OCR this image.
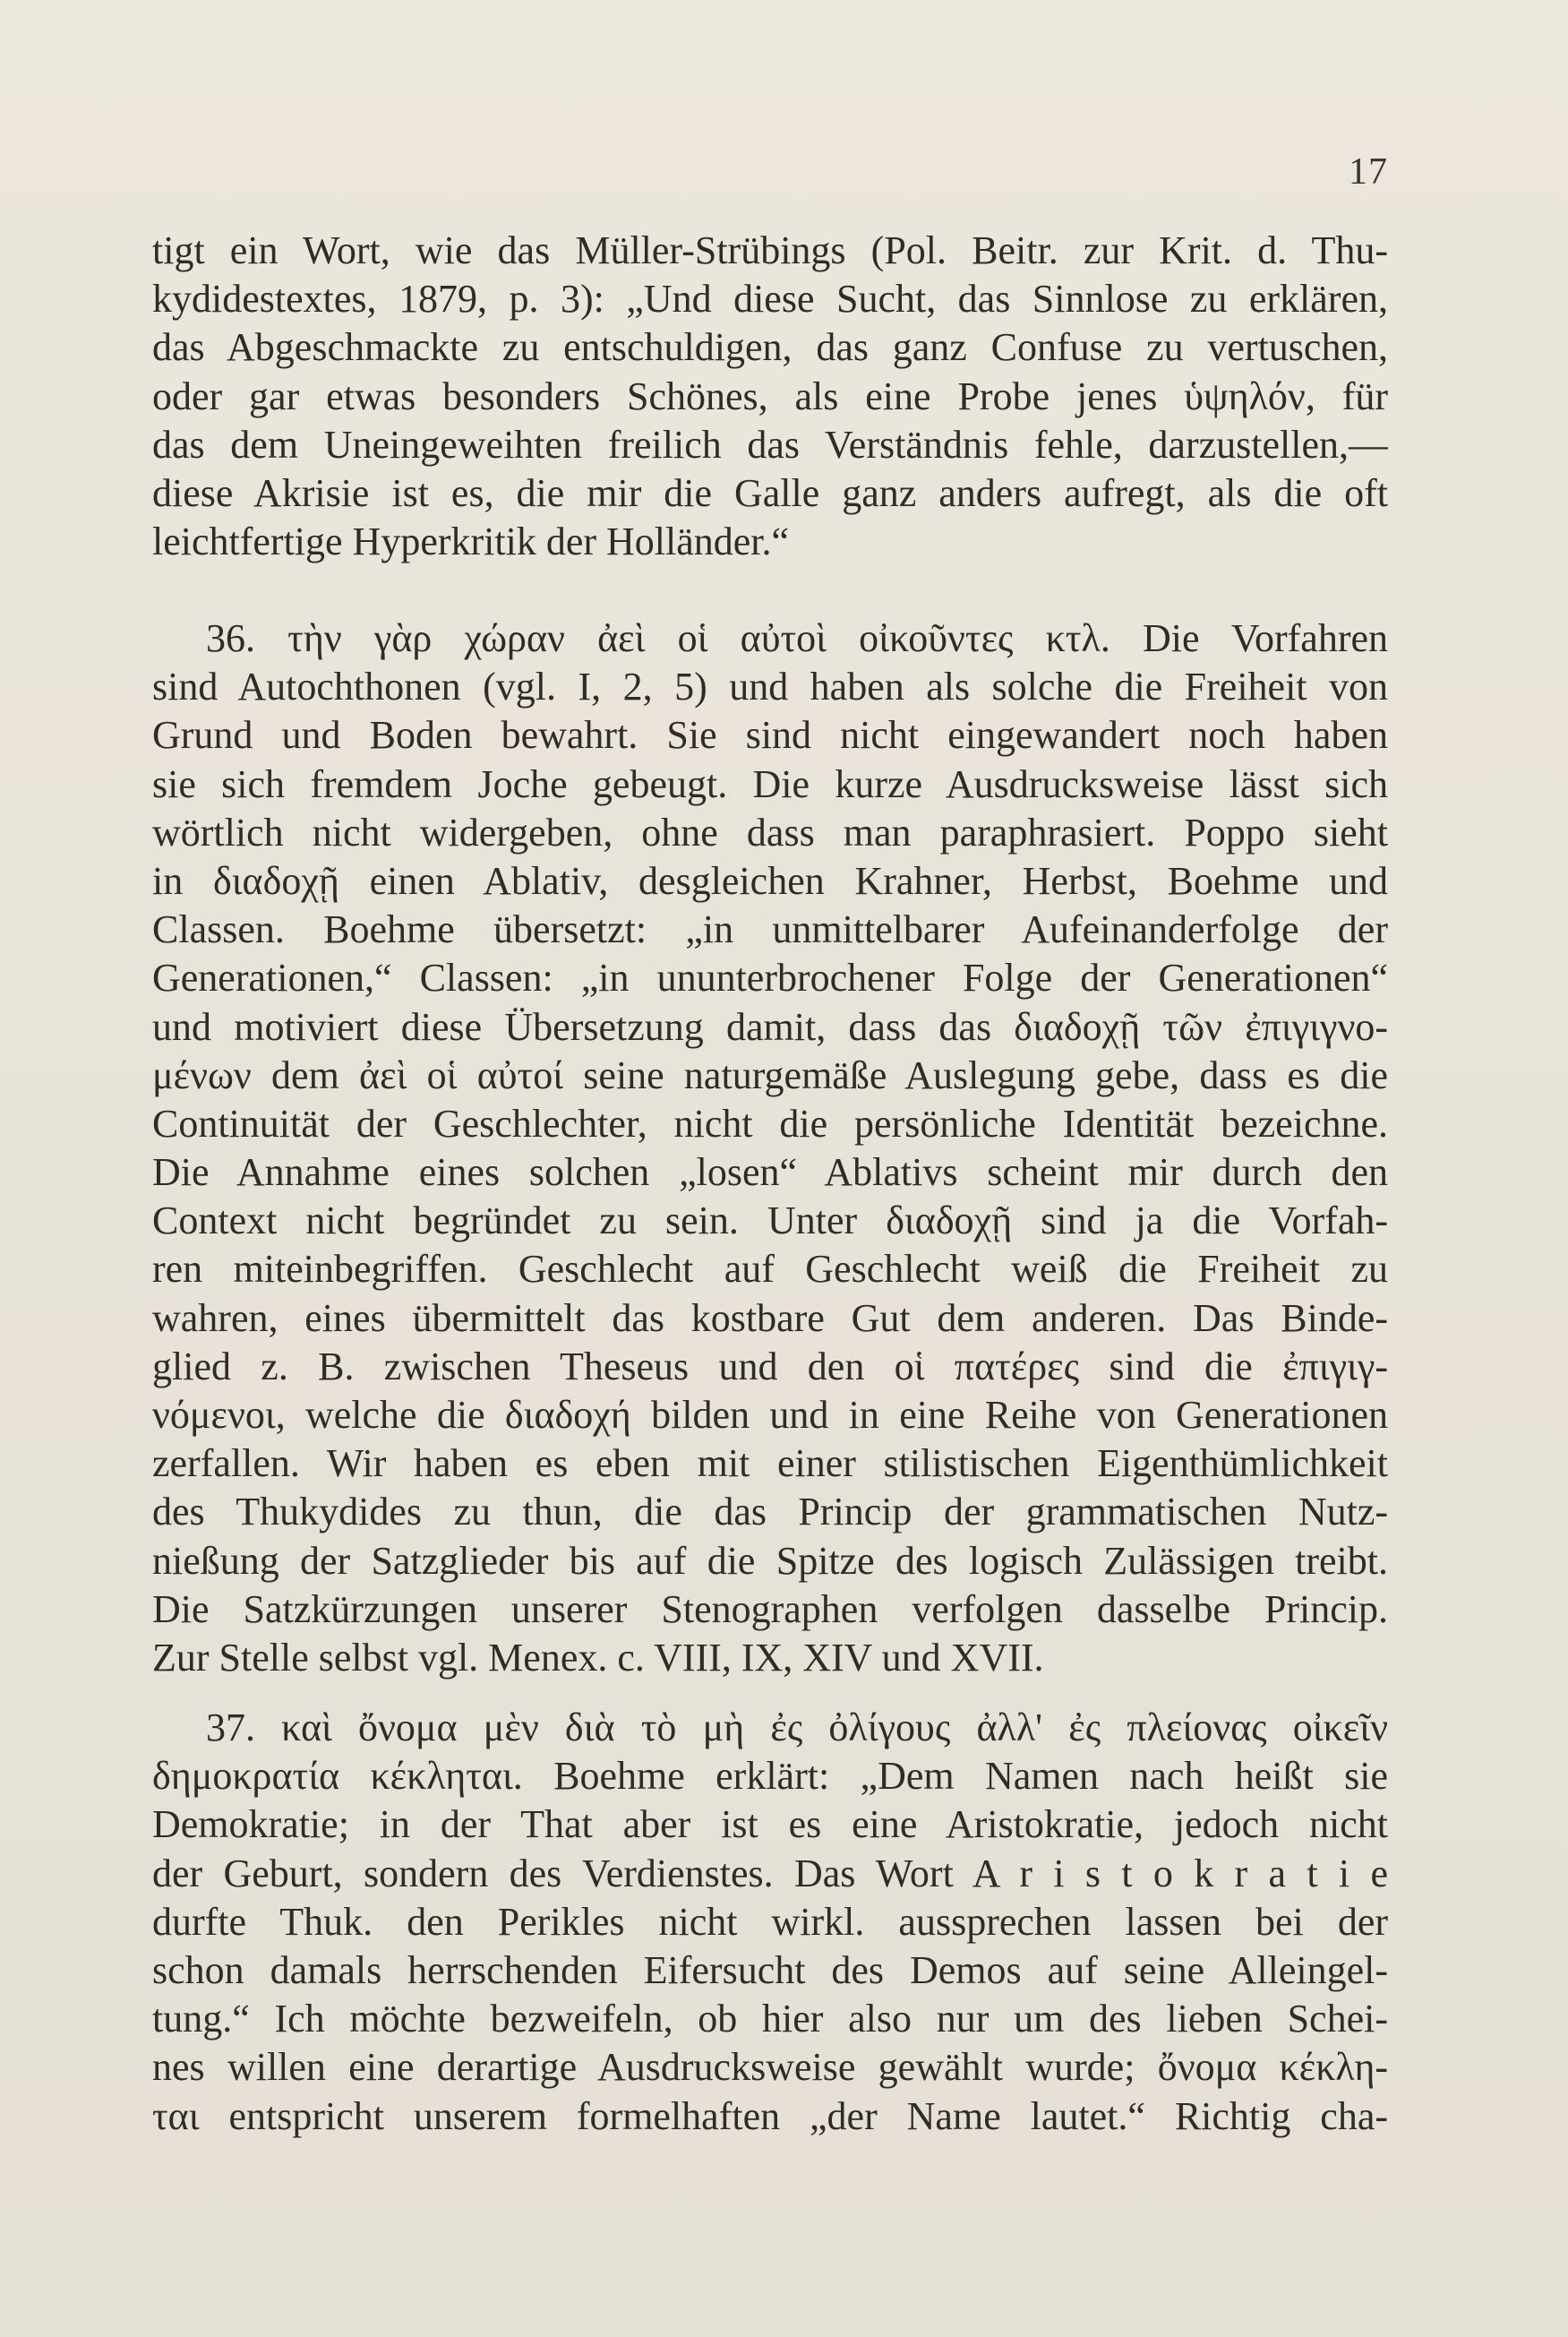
17
tigt ein Wort, wie das Müller-Strübings (Pol. Beitr. zur Krit. d. Thu-
kydidestextes, 1879, p. 3): „Und diese Sucht, das Sinnlose zu erklären,
das Abgeschmackte zu entschuldigen, das ganz Confuse zu vertuschen,
oder gar etwas besonders Schönes, als eine Probe jenes ὑψηλόν, für
das dem Uneingeweihten freilich das Verständnis fehle, darzustellen,—
diese Akrisie ist es, die mir die Galle ganz anders aufregt, als die oft
leichtfertige Hyperkritik der Holländer.“
36. τὴν γὰρ χώραν ἀεὶ οἱ αὐτοὶ οἰκοῦντες κτλ. Die Vorfahren
sind Autochthonen (vgl. I, 2, 5) und haben als solche die Freiheit von
Grund und Boden bewahrt. Sie sind nicht eingewandert noch haben
sie sich fremdem Joche gebeugt. Die kurze Ausdrucksweise lässt sich
wörtlich nicht widergeben, ohne dass man paraphrasiert. Poppo sieht
in διαδοχῇ einen Ablativ, desgleichen Krahner, Herbst, Boehme und
Classen. Boehme übersetzt: „in unmittelbarer Aufeinanderfolge der
Generationen,“ Classen: „in ununterbrochener Folge der Generationen“
und motiviert diese Übersetzung damit, dass das διαδοχῇ τῶν ἐπιγιγνο-
μένων dem ἀεὶ οἱ αὐτοί seine naturgemäße Auslegung gebe, dass es die
Continuität der Geschlechter, nicht die persönliche Identität bezeichne.
Die Annahme eines solchen „losen“ Ablativs scheint mir durch den
Context nicht begründet zu sein. Unter διαδοχῇ sind ja die Vorfah-
ren miteinbegriffen. Geschlecht auf Geschlecht weiß die Freiheit zu
wahren, eines übermittelt das kostbare Gut dem anderen. Das Binde-
glied z. B. zwischen Theseus und den οἱ πατέρες sind die ἐπιγιγ-
νόμενοι, welche die διαδοχή bilden und in eine Reihe von Generationen
zerfallen. Wir haben es eben mit einer stilistischen Eigenthümlichkeit
des Thukydides zu thun, die das Princip der grammatischen Nutz-
nießung der Satzglieder bis auf die Spitze des logisch Zulässigen treibt.
Die Satzkürzungen unserer Stenographen verfolgen dasselbe Princip.
Zur Stelle selbst vgl. Menex. c. VIII, IX, XIV und XVII.
37. καὶ ὄνομα μὲν διὰ τὸ μὴ ἐς ὀλίγους ἀλλ' ἐς πλείονας οἰκεῖν
δημοκρατία κέκληται. Boehme erklärt: „Dem Namen nach heißt sie
Demokratie; in der That aber ist es eine Aristokratie, jedoch nicht
der Geburt, sondern des Verdienstes. Das Wort A r i s t o k r a t i e
durfte Thuk. den Perikles nicht wirkl. aussprechen lassen bei der
schon damals herrschenden Eifersucht des Demos auf seine Alleingel-
tung.“ Ich möchte bezweifeln, ob hier also nur um des lieben Schei-
nes willen eine derartige Ausdrucksweise gewählt wurde; ὄνομα κέκλη-
ται entspricht unserem formelhaften „der Name lautet.“ Richtig cha-
